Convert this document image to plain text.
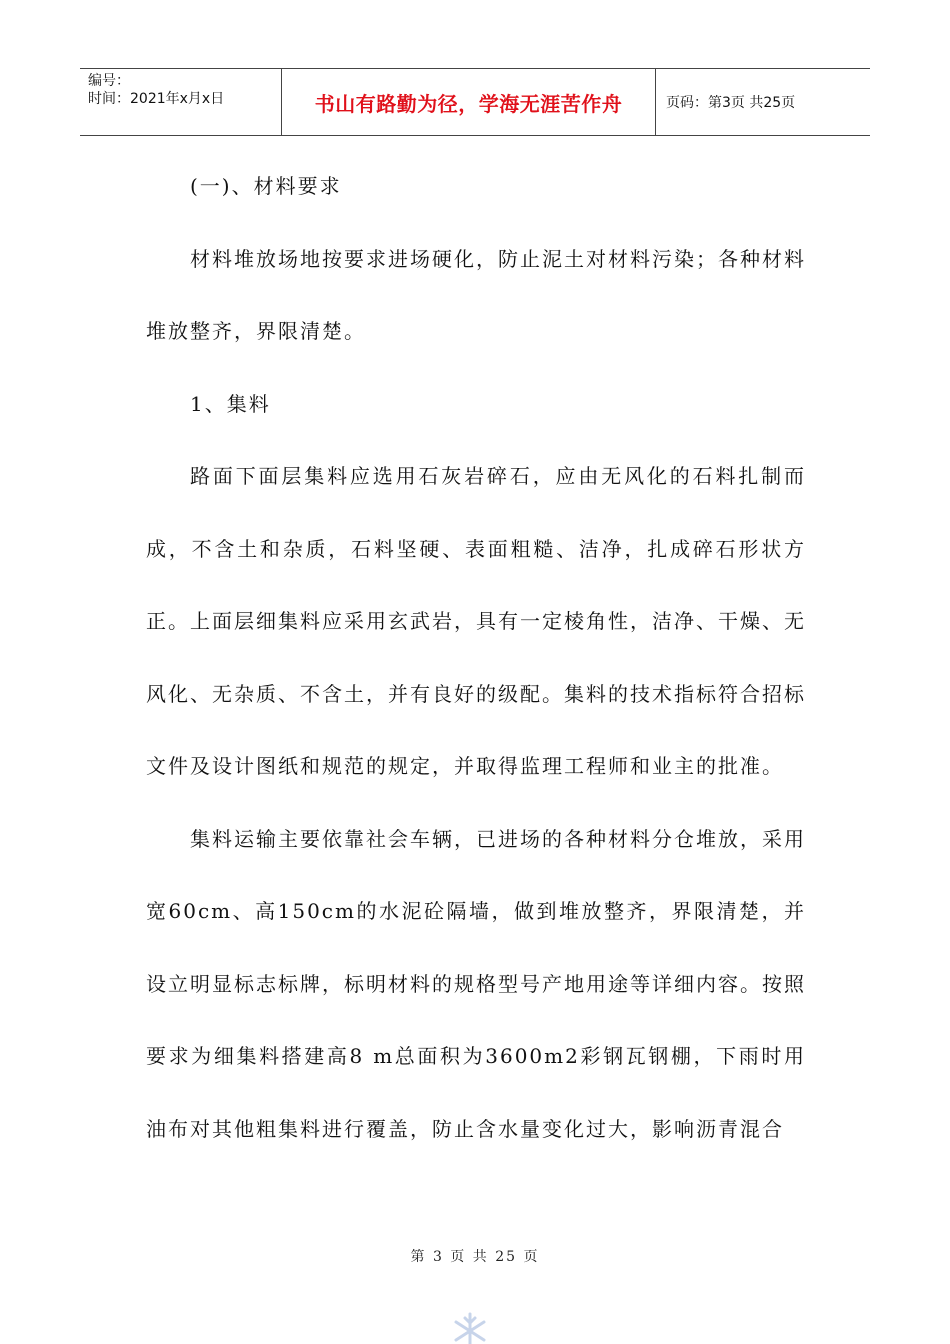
编号：
时间：2021年x月x日	书山有路勤为径，学海无涯苦作舟	页码：第3页 共25页

(一)、材料要求

材料堆放场地按要求进场硬化，防止泥土对材料污染；各种材料堆放整齐，界限清楚。

1、集料

路面下面层集料应选用石灰岩碎石，应由无风化的石料扎制而成，不含土和杂质，石料坚硬、表面粗糙、洁净，扎成碎石形状方正。上面层细集料应采用玄武岩，具有一定棱角性，洁净、干燥、无风化、无杂质、不含土，并有良好的级配。集料的技术指标符合招标文件及设计图纸和规范的规定，并取得监理工程师和业主的批准。

集料运输主要依靠社会车辆，已进场的各种材料分仓堆放，采用宽60cm、高150cm的水泥砼隔墙，做到堆放整齐，界限清楚，并设立明显标志标牌，标明材料的规格型号产地用途等详细内容。按照要求为细集料搭建高8 m总面积为3600m2彩钢瓦钢棚，下雨时用油布对其他粗集料进行覆盖，防止含水量变化过大，影响沥青混合

第 3 页 共 25 页
